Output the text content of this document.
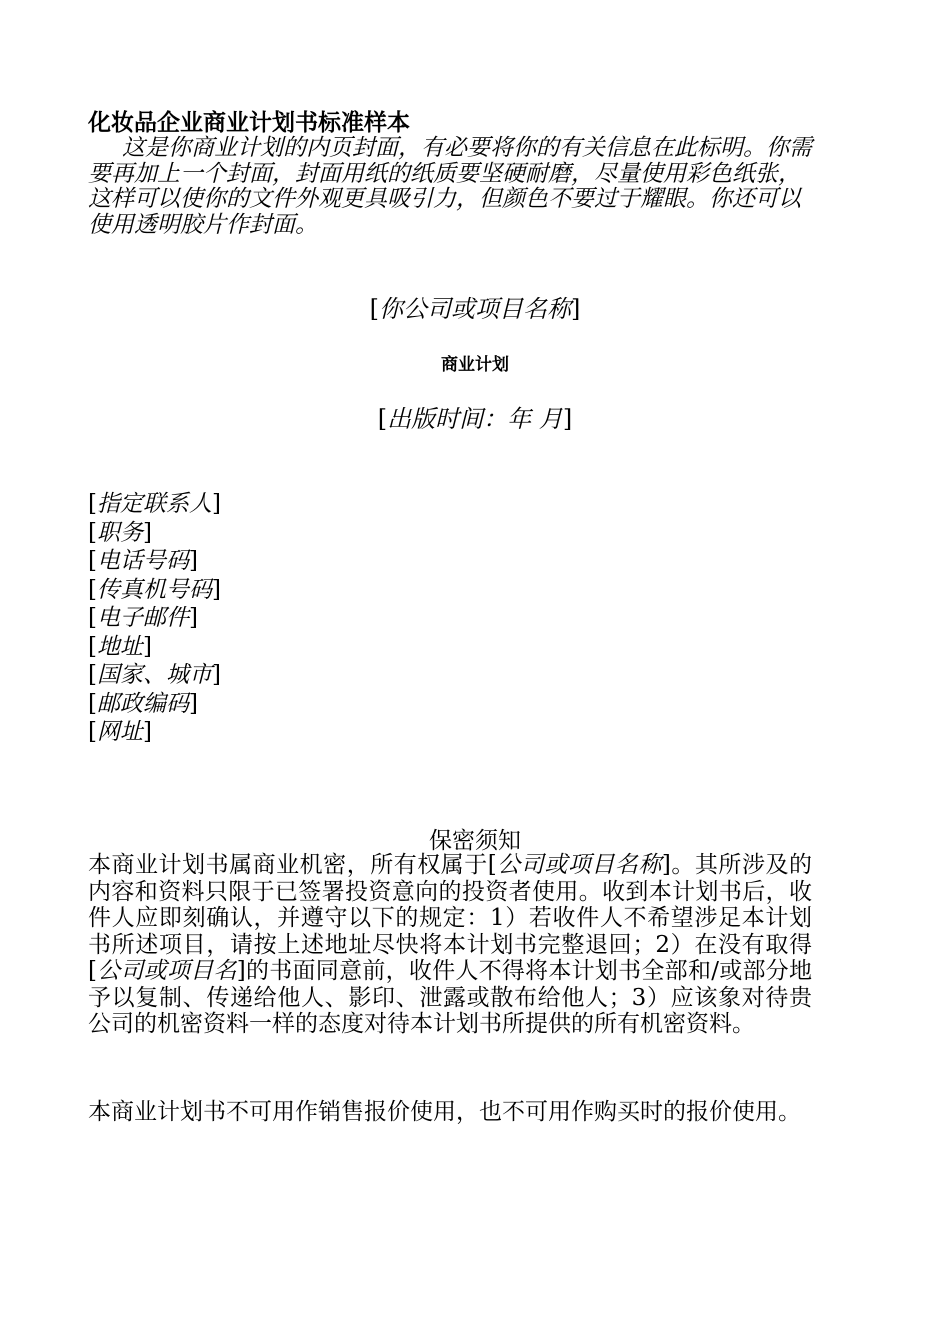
化妆品企业商业计划书标准样本
这是你商业计划的内页封面，有必要将你的有关信息在此标明。你需要再加上一个封面，封面用纸的纸质要坚硬耐磨，尽量使用彩色纸张，这样可以使你的文件外观更具吸引力，但颜色不要过于耀眼。你还可以使用透明胶片作封面。
[你公司或项目名称]
商业计划
[出版时间：年 月]
[指定联系人]
[职务]
[电话号码]
[传真机号码]
[电子邮件]
[地址]
[国家、城市]
[邮政编码]
[网址]
保密须知

本商业计划书属商业机密，所有权属于[公司或项目名称]。其所涉及的内容和资料只限于已签署投资意向的投资者使用。收到本计划书后，收件人应即刻确认，并遵守以下的规定：1）若收件人不希望涉足本计划书所述项目，请按上述地址尽快将本计划书完整退回；2）在没有取得[公司或项目名]的书面同意前，收件人不得将本计划书全部和/或部分地予以复制、传递给他人、影印、泄露或散布给他人；3）应该象对待贵公司的机密资料一样的态度对待本计划书所提供的所有机密资料。

本商业计划书不可用作销售报价使用，也不可用作购买时的报价使用。
